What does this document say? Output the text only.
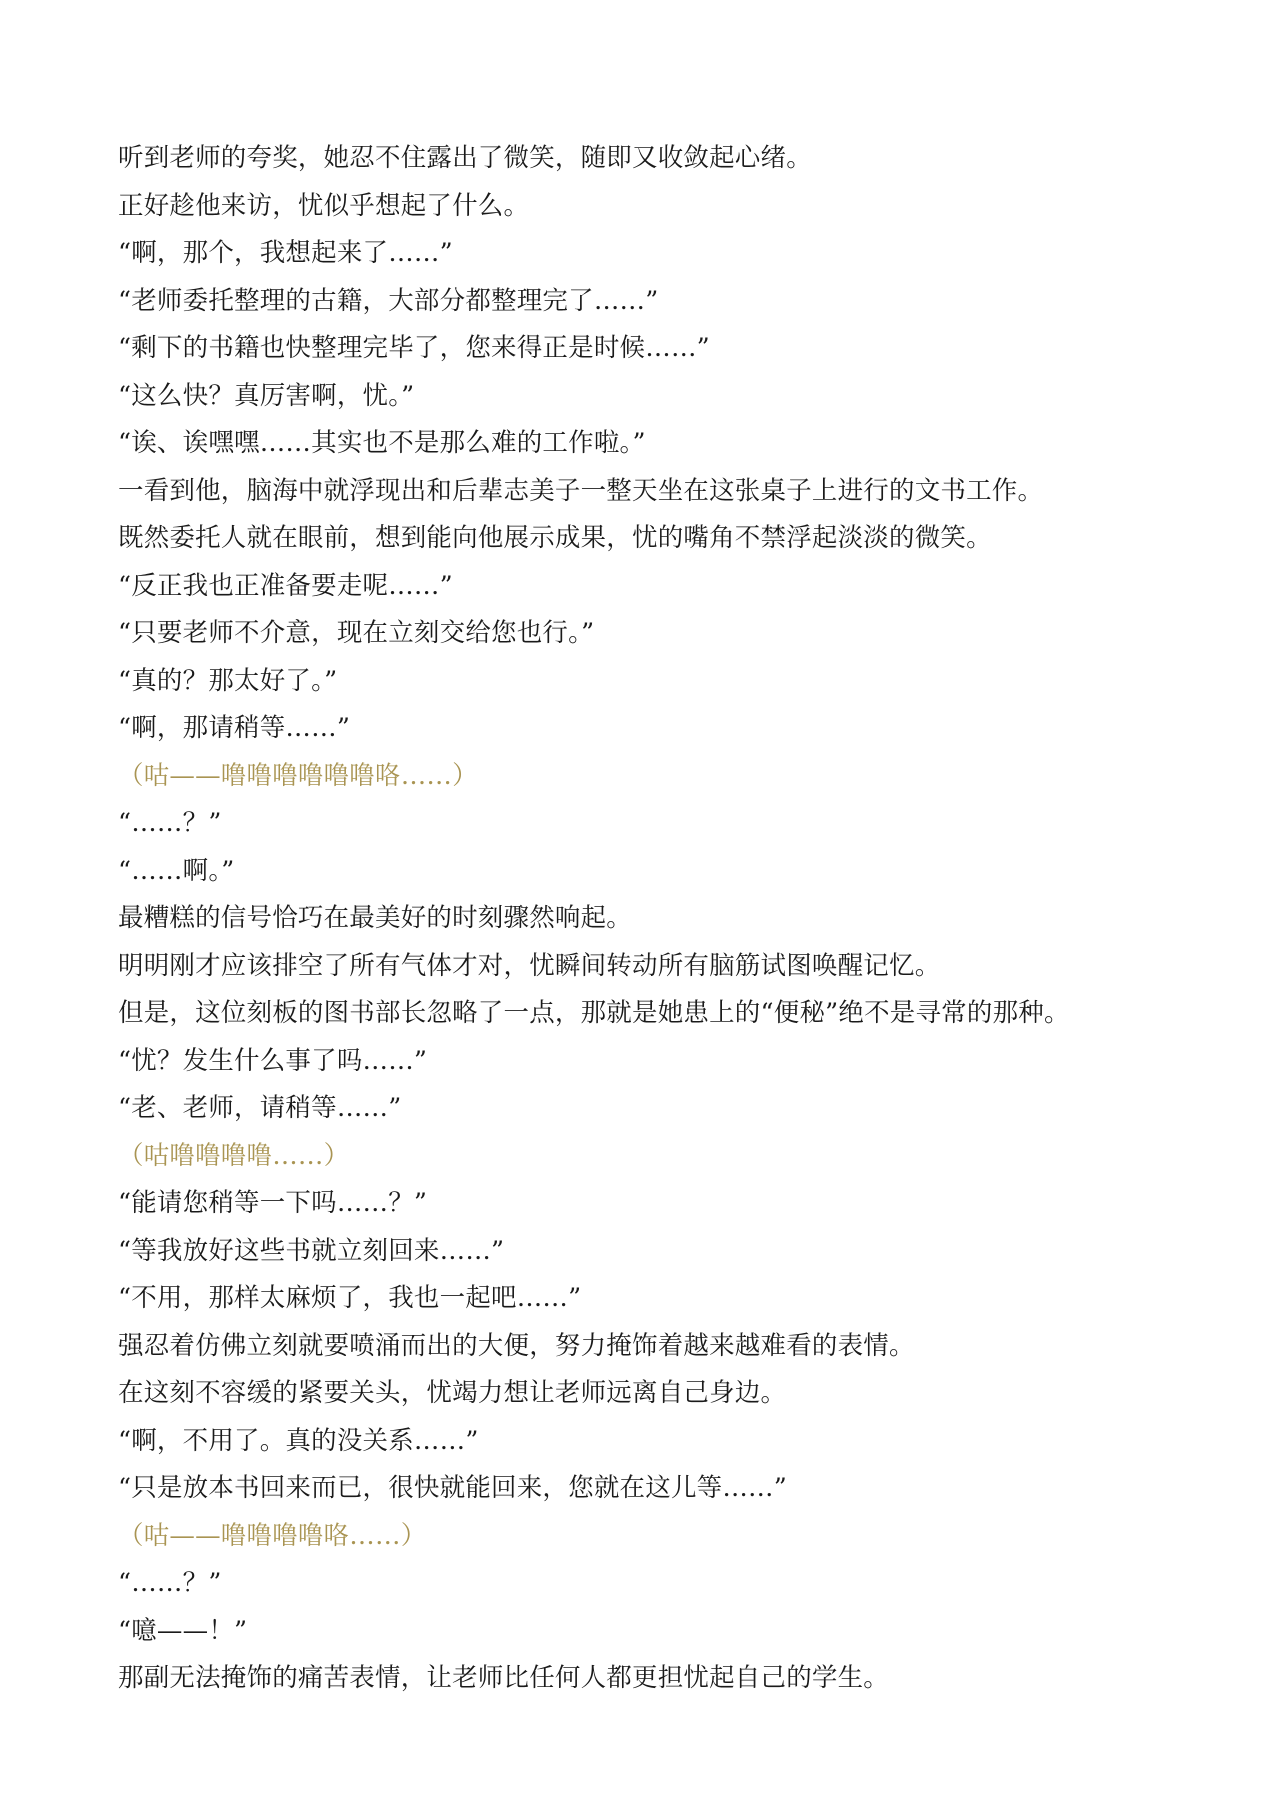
听到老师的夸奖，她忍不住露出了微笑，随即又收敛起心绪。
正好趁他来访，忧似乎想起了什么。
“啊，那个，我想起来了……”
“老师委托整理的古籍，大部分都整理完了……”
“剩下的书籍也快整理完毕了，您来得正是时候……”
“这么快？真厉害啊，忧。”
“诶、诶嘿嘿……其实也不是那么难的工作啦。”
一看到他，脑海中就浮现出和后辈志美子一整天坐在这张桌子上进行的文书工作。
既然委托人就在眼前，想到能向他展示成果，忧的嘴角不禁浮起淡淡的微笑。
“反正我也正准备要走呢……”
“只要老师不介意，现在立刻交给您也行。”
“真的？那太好了。”
“啊，那请稍等……”
（咕——噜噜噜噜噜噜咯……）
“……？”
“……啊。”
最糟糕的信号恰巧在最美好的时刻骤然响起。
明明刚才应该排空了所有气体才对，忧瞬间转动所有脑筋试图唤醒记忆。
但是，这位刻板的图书部长忽略了一点，那就是她患上的“便秘”绝不是寻常的那种。
“忧？发生什么事了吗……”
“老、老师，请稍等……”
（咕噜噜噜噜……）
“能请您稍等一下吗……？”
“等我放好这些书就立刻回来……”
“不用，那样太麻烦了，我也一起吧……”
强忍着仿佛立刻就要喷涌而出的大便，努力掩饰着越来越难看的表情。
在这刻不容缓的紧要关头，忧竭力想让老师远离自己身边。
“啊，不用了。真的没关系……”
“只是放本书回来而已，很快就能回来，您就在这儿等……”
（咕——噜噜噜噜咯……）
“……？”
“噫——！”
那副无法掩饰的痛苦表情，让老师比任何人都更担忧起自己的学生。
